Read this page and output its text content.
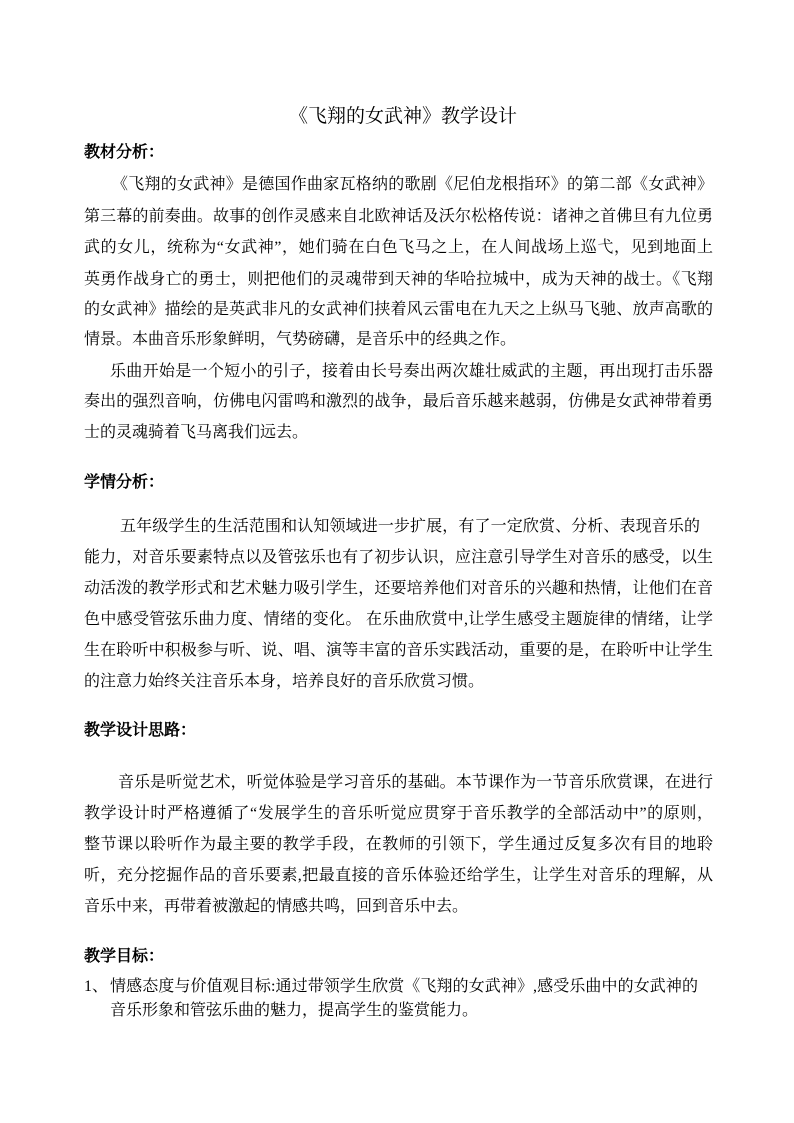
《飞翔的女武神》教学设计
教材分析：
《飞翔的女武神》是德国作曲家瓦格纳的歌剧《尼伯龙根指环》的第二部《女武神》
第三幕的前奏曲。故事的创作灵感来自北欧神话及沃尔松格传说：诸神之首佛旦有九位勇
武的女儿，统称为“女武神”，她们骑在白色飞马之上，在人间战场上巡弋，见到地面上
英勇作战身亡的勇士，则把他们的灵魂带到天神的华哈拉城中，成为天神的战士。《飞翔
的女武神》描绘的是英武非凡的女武神们挟着风云雷电在九天之上纵马飞驰、放声高歌的
情景。本曲音乐形象鲜明，气势磅礴，是音乐中的经典之作。
乐曲开始是一个短小的引子，接着由长号奏出两次雄壮威武的主题，再出现打击乐器
奏出的强烈音响，仿佛电闪雷鸣和激烈的战争，最后音乐越来越弱，仿佛是女武神带着勇
士的灵魂骑着飞马离我们远去。
学情分析：
五年级学生的生活范围和认知领域进一步扩展，有了一定欣赏、分析、表现音乐的
能力，对音乐要素特点以及管弦乐也有了初步认识，应注意引导学生对音乐的感受，以生
动活泼的教学形式和艺术魅力吸引学生，还要培养他们对音乐的兴趣和热情，让他们在音
色中感受管弦乐曲力度、情绪的变化。 在乐曲欣赏中,让学生感受主题旋律的情绪，让学
生在聆听中积极参与听、说、唱、演等丰富的音乐实践活动，重要的是，在聆听中让学生
的注意力始终关注音乐本身，培养良好的音乐欣赏习惯。
教学设计思路：
音乐是听觉艺术，听觉体验是学习音乐的基础。本节课作为一节音乐欣赏课，在进行
教学设计时严格遵循了“发展学生的音乐听觉应贯穿于音乐教学的全部活动中”的原则，
整节课以聆听作为最主要的教学手段，在教师的引领下，学生通过反复多次有目的地聆
听，充分挖掘作品的音乐要素,把最直接的音乐体验还给学生，让学生对音乐的理解，从
音乐中来，再带着被激起的情感共鸣，回到音乐中去。
教学目标：
1、 情感态度与价值观目标:通过带领学生欣赏《飞翔的女武神》,感受乐曲中的女武神的
音乐形象和管弦乐曲的魅力，提高学生的鉴赏能力。
